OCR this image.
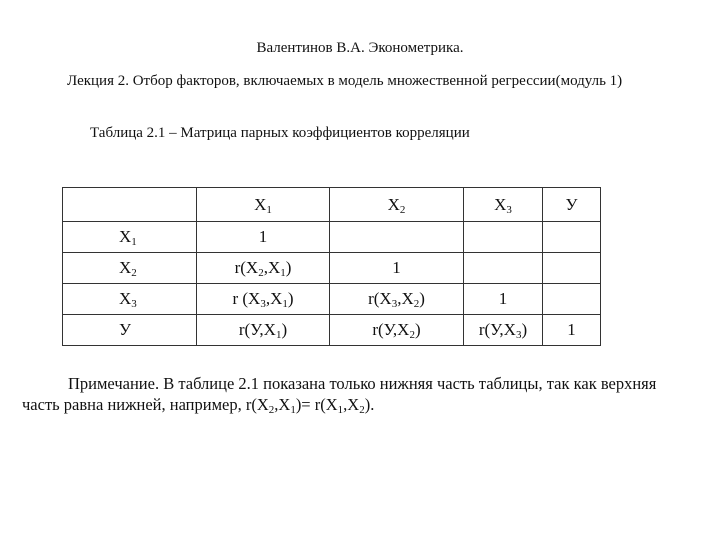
Валентинов В.А. Эконометрика.
Лекция 2. Отбор факторов, включаемых в модель множественной регрессии(модуль 1)
Таблица 2.1 – Матрица парных коэффициентов корреляции
	$X_1$	$X_2$	$X_3$	У
$X_1$	1			
$X_2$	$r(X_2,X_1)$	1		
$X_3$	r $(X_3,X_1)$	$r(X_3,X_2)$	1	
У	$r(У,X_1)$	$r(У,X_2)$	$r(У,X_3)$	1
Примечание. В таблице 2.1 показана только нижняя часть таблицы, так как верхняя часть равна нижней, например, $r(X_2,X_1)= r(X_1,X_2)$.
